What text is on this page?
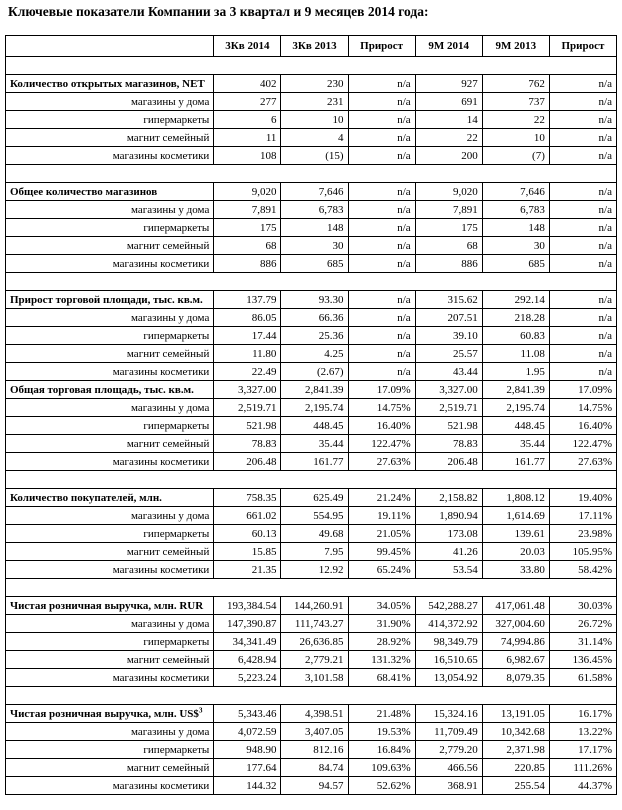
Ключевые показатели Компании за 3 квартал и 9 месяцев 2014 года:
	3Кв 2014	3Кв 2013	Прирост	9М 2014	9М 2013	Прирост

Количество открытых магазинов, NET	402	230	n/a	927	762	n/a
магазины у дома	277	231	n/a	691	737	n/a
гипермаркеты	6	10	n/a	14	22	n/a
магнит семейный	11	4	n/a	22	10	n/a
магазины косметики	108	(15)	n/a	200	(7)	n/a

Общее количество магазинов	9,020	7,646	n/a	9,020	7,646	n/a
магазины у дома	7,891	6,783	n/a	7,891	6,783	n/a
гипермаркеты	175	148	n/a	175	148	n/a
магнит семейный	68	30	n/a	68	30	n/a
магазины косметики	886	685	n/a	886	685	n/a

Прирост торговой площади, тыс. кв.м.	137.79	93.30	n/a	315.62	292.14	n/a
магазины у дома	86.05	66.36	n/a	207.51	218.28	n/a
гипермаркеты	17.44	25.36	n/a	39.10	60.83	n/a
магнит семейный	11.80	4.25	n/a	25.57	11.08	n/a
магазины косметики	22.49	(2.67)	n/a	43.44	1.95	n/a
Общая торговая площадь, тыс. кв.м.	3,327.00	2,841.39	17.09%	3,327.00	2,841.39	17.09%
магазины у дома	2,519.71	2,195.74	14.75%	2,519.71	2,195.74	14.75%
гипермаркеты	521.98	448.45	16.40%	521.98	448.45	16.40%
магнит семейный	78.83	35.44	122.47%	78.83	35.44	122.47%
магазины косметики	206.48	161.77	27.63%	206.48	161.77	27.63%

Количество покупателей, млн.	758.35	625.49	21.24%	2,158.82	1,808.12	19.40%
магазины у дома	661.02	554.95	19.11%	1,890.94	1,614.69	17.11%
гипермаркеты	60.13	49.68	21.05%	173.08	139.61	23.98%
магнит семейный	15.85	7.95	99.45%	41.26	20.03	105.95%
магазины косметики	21.35	12.92	65.24%	53.54	33.80	58.42%

Чистая розничная выручка, млн. RUR	193,384.54	144,260.91	34.05%	542,288.27	417,061.48	30.03%
магазины у дома	147,390.87	111,743.27	31.90%	414,372.92	327,004.60	26.72%
гипермаркеты	34,341.49	26,636.85	28.92%	98,349.79	74,994.86	31.14%
магнит семейный	6,428.94	2,779.21	131.32%	16,510.65	6,982.67	136.45%
магазины косметики	5,223.24	3,101.58	68.41%	13,054.92	8,079.35	61.58%

Чистая розничная выручка, млн. US\$$^3$	5,343.46	4,398.51	21.48%	15,324.16	13,191.05	16.17%
магазины у дома	4,072.59	3,407.05	19.53%	11,709.49	10,342.68	13.22%
гипермаркеты	948.90	812.16	16.84%	2,779.20	2,371.98	17.17%
магнит семейный	177.64	84.74	109.63%	466.56	220.85	111.26%
магазины косметики	144.32	94.57	52.62%	368.91	255.54	44.37%
